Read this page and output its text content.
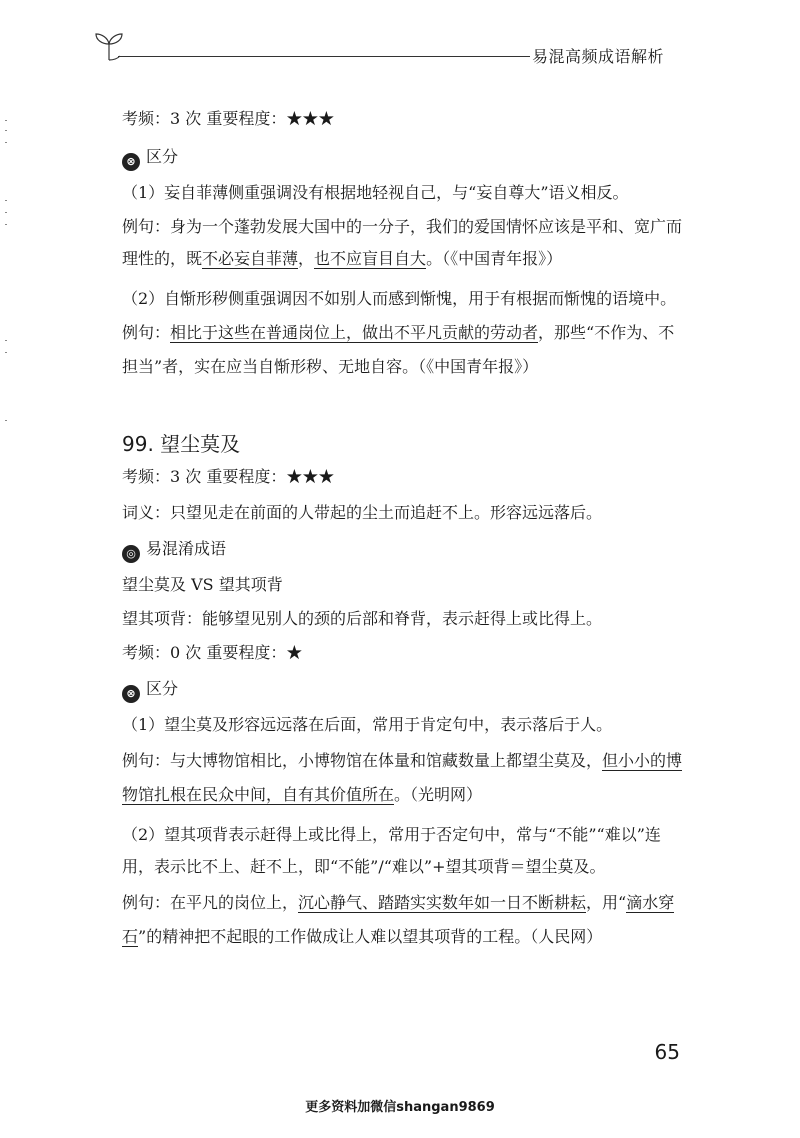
易混高频成语解析
考频：3 次 重要程度：★★★
⊗ 区分
（1）妄自菲薄侧重强调没有根据地轻视自己，与“妄自尊大”语义相反。
例句：身为一个蓬勃发展大国中的一分子，我们的爱国情怀应该是平和、宽广而
理性的，既不必妄自菲薄，也不应盲目自大。（《中国青年报》）
（2）自惭形秽侧重强调因不如别人而感到惭愧，用于有根据而惭愧的语境中。
例句：相比于这些在普通岗位上，做出不平凡贡献的劳动者，那些“不作为、不
担当”者，实在应当自惭形秽、无地自容。（《中国青年报》）
99. 望尘莫及
考频：3 次 重要程度：★★★
词义：只望见走在前面的人带起的尘土而追赶不上。形容远远落后。
◎ 易混淆成语
望尘莫及 VS 望其项背
望其项背：能够望见别人的颈的后部和脊背，表示赶得上或比得上。
考频：0 次 重要程度：★
⊗ 区分
（1）望尘莫及形容远远落在后面，常用于肯定句中，表示落后于人。
例句：与大博物馆相比，小博物馆在体量和馆藏数量上都望尘莫及，但小小的博
物馆扎根在民众中间，自有其价值所在。（光明网）
（2）望其项背表示赶得上或比得上，常用于否定句中，常与“不能”“难以”连
用，表示比不上、赶不上，即“不能”/“难以”+望其项背＝望尘莫及。
例句：在平凡的岗位上，沉心静气、踏踏实实数年如一日不断耕耘，用“滴水穿
石”的精神把不起眼的工作做成让人难以望其项背的工程。（人民网）
65
更多资料加微信shangan9869
